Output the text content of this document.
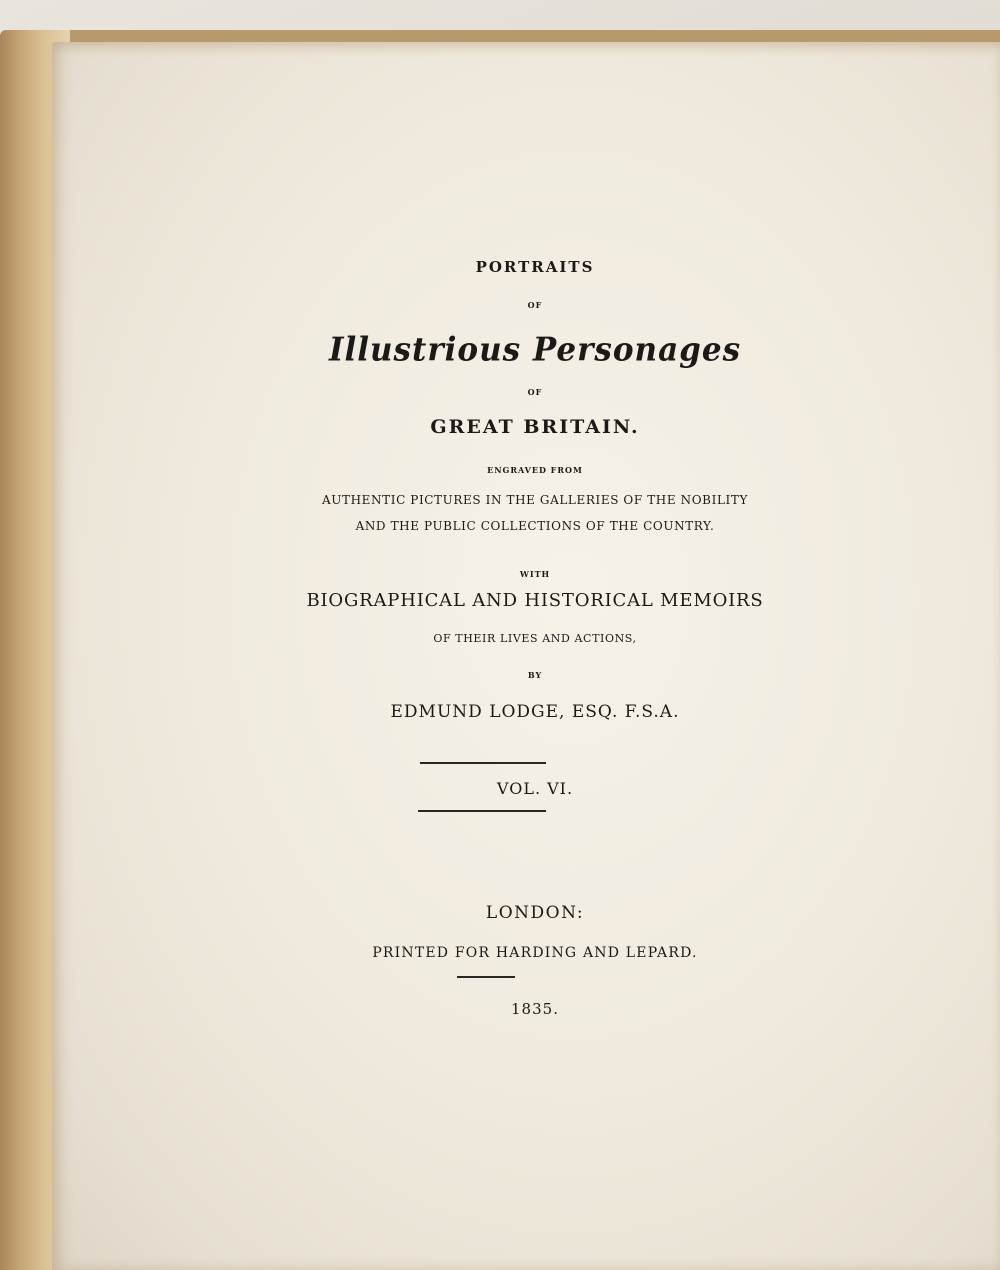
PORTRAITS
OF
Illustrious Personages
OF
GREAT BRITAIN.
ENGRAVED FROM
AUTHENTIC PICTURES IN THE GALLERIES OF THE NOBILITY
AND THE PUBLIC COLLECTIONS OF THE COUNTRY.
WITH
BIOGRAPHICAL AND HISTORICAL MEMOIRS
OF THEIR LIVES AND ACTIONS,
BY
EDMUND LODGE, ESQ. F.S.A.
VOL. VI.
LONDON:
PRINTED FOR HARDING AND LEPARD.
1835.
